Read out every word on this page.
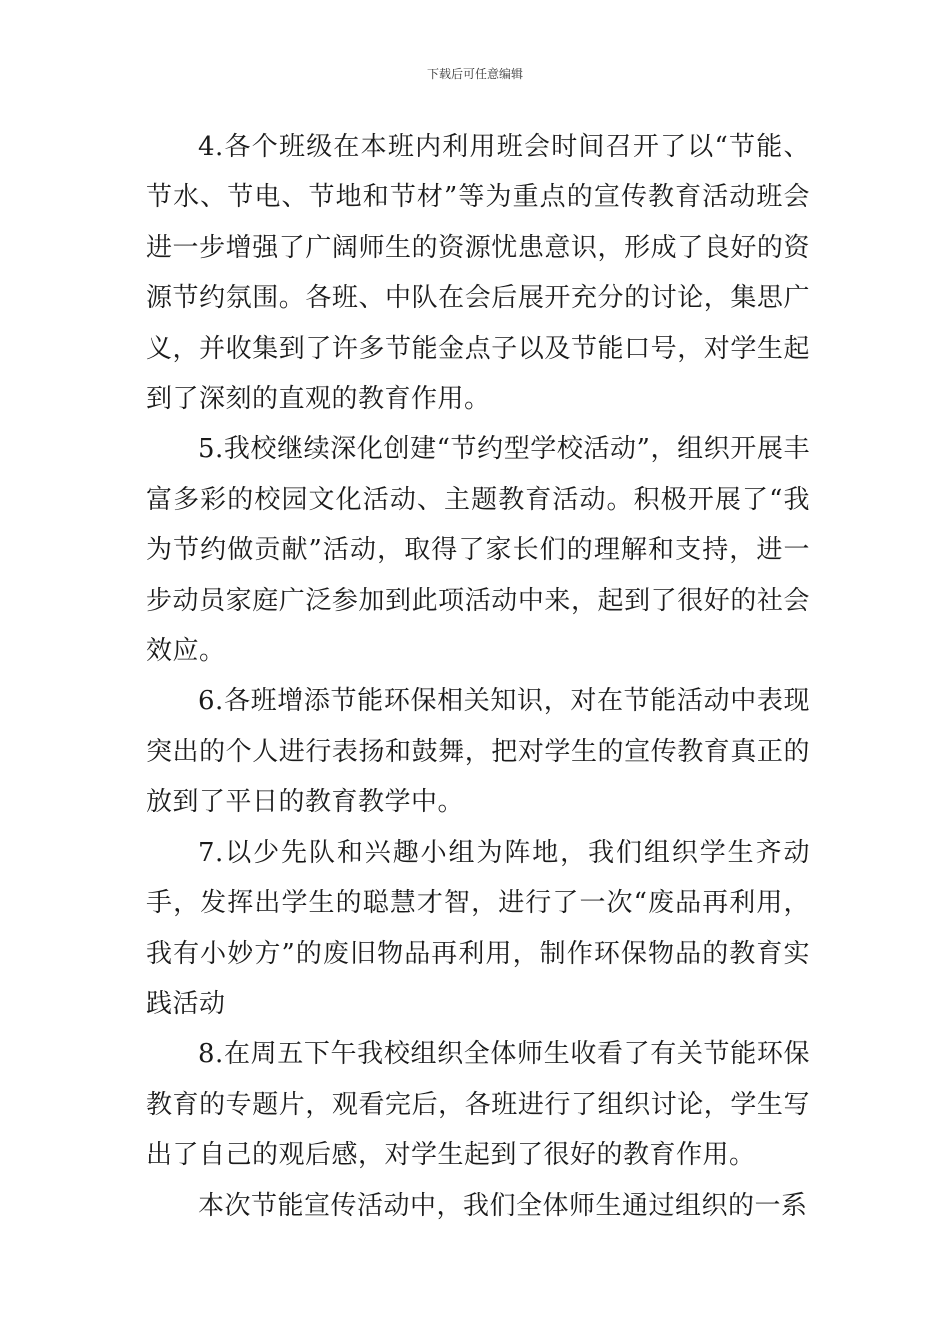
下载后可任意编辑

4.各个班级在本班内利用班会时间召开了以“节能、节水、节电、节地和节材”等为重点的宣传教育活动班会进一步增强了广阔师生的资源忧患意识，形成了良好的资源节约氛围。各班、中队在会后展开充分的讨论，集思广义，并收集到了许多节能金点子以及节能口号，对学生起到了深刻的直观的教育作用。

5.我校继续深化创建“节约型学校活动”，组织开展丰富多彩的校园文化活动、主题教育活动。积极开展了“我为节约做贡献”活动，取得了家长们的理解和支持，进一步动员家庭广泛参加到此项活动中来，起到了很好的社会效应。

6.各班增添节能环保相关知识，对在节能活动中表现突出的个人进行表扬和鼓舞，把对学生的宣传教育真正的放到了平日的教育教学中。

7.以少先队和兴趣小组为阵地，我们组织学生齐动手，发挥出学生的聪慧才智，进行了一次“废品再利用，我有小妙方”的废旧物品再利用，制作环保物品的教育实践活动

8.在周五下午我校组织全体师生收看了有关节能环保教育的专题片，观看完后，各班进行了组织讨论，学生写出了自己的观后感，对学生起到了很好的教育作用。

本次节能宣传活动中，我们全体师生通过组织的一系
